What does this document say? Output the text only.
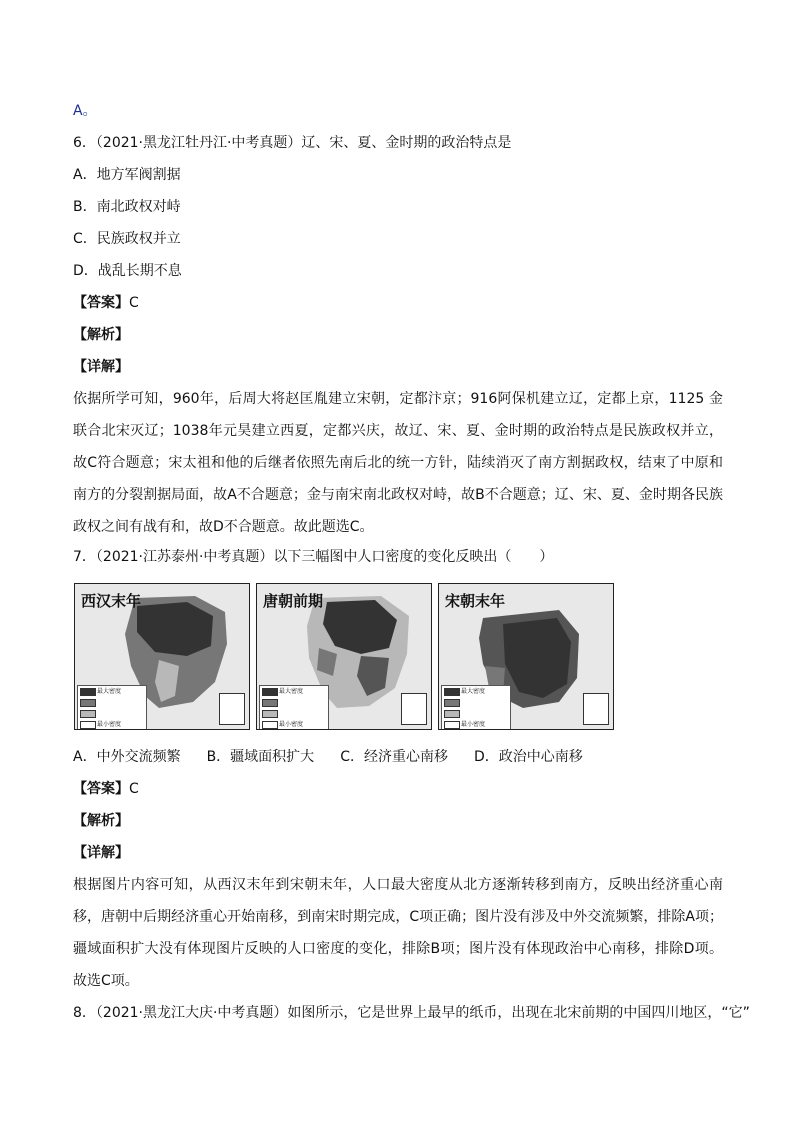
A。
6．（2021·黑龙江牡丹江·中考真题）辽、宋、夏、金时期的政治特点是
A．地方军阀割据
B．南北政权对峙
C．民族政权并立
D．战乱长期不息
【答案】C
【解析】
【详解】
依据所学可知，960年，后周大将赵匡胤建立宋朝，定都汴京；916阿保机建立辽，定都上京，1125 金联合北宋灭辽；1038年元昊建立西夏，定都兴庆，故辽、宋、夏、金时期的政治特点是民族政权并立，故C符合题意；宋太祖和他的后继者依照先南后北的统一方针，陆续消灭了南方割据政权，结束了中原和南方的分裂割据局面，故A不合题意；金与南宋南北政权对峙，故B不合题意；辽、宋、夏、金时期各民族政权之间有战有和，故D不合题意。故此题选C。
7．（2021·江苏泰州·中考真题）以下三幅图中人口密度的变化反映出（　　）
西汉末年
最大密度
最小密度
唐朝前期
最大密度
最小密度
宋朝末年
最大密度
最小密度
A．中外交流频繁 B．疆域面积扩大 C．经济重心南移 D．政治中心南移
【答案】C
【解析】
【详解】
根据图片内容可知，从西汉末年到宋朝末年，人口最大密度从北方逐渐转移到南方，反映出经济重心南移，唐朝中后期经济重心开始南移，到南宋时期完成，C项正确；图片没有涉及中外交流频繁，排除A项；疆域面积扩大没有体现图片反映的人口密度的变化，排除B项；图片没有体现政治中心南移，排除D项。故选C项。
8．（2021·黑龙江大庆·中考真题）如图所示，它是世界上最早的纸币，出现在北宋前期的中国四川地区，“它”
